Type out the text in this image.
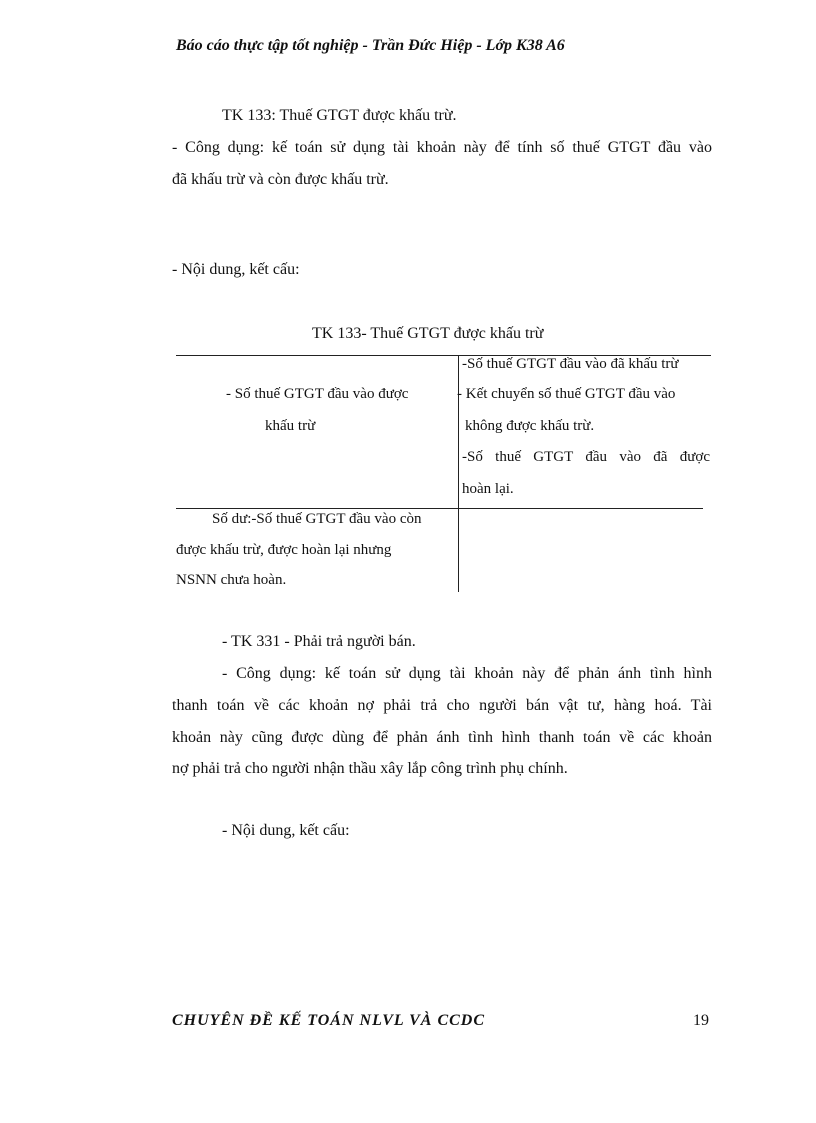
Báo cáo thực tập tốt nghiệp - Trần Đức Hiệp - Lớp K38 A6
TK 133: Thuế GTGT được khấu trừ.
- Công dụng: kế toán sử dụng tài khoản này để tính số thuế GTGT đầu vào
đã khấu trừ và còn được khấu trừ.
- Nội dung, kết cấu:
TK 133- Thuế GTGT được khấu trừ
- Số thuế GTGT đầu vào được
khấu trừ
-Số thuế GTGT đầu vào đã khấu trừ
- Kết chuyển số thuế GTGT đầu vào
không được khấu trừ.
-Số thuế GTGT đầu vào đã được
hoàn lại.
Số dư:-Số thuế GTGT đầu vào còn
được khấu trừ, được hoàn lại nhưng
NSNN chưa hoàn.
- TK 331 - Phải trả người bán.
- Công dụng: kế toán sử dụng tài khoản này để phản ánh tình hình
thanh toán về các khoản nợ phải trả cho người bán vật tư, hàng hoá. Tài
khoản này cũng được dùng để phản ánh tình hình thanh toán về các khoản
nợ phải trả cho người nhận thầu xây lắp công trình phụ chính.
- Nội dung, kết cấu:
CHUYÊN ĐỀ KẾ TOÁN NLVL VÀ CCDC	19
